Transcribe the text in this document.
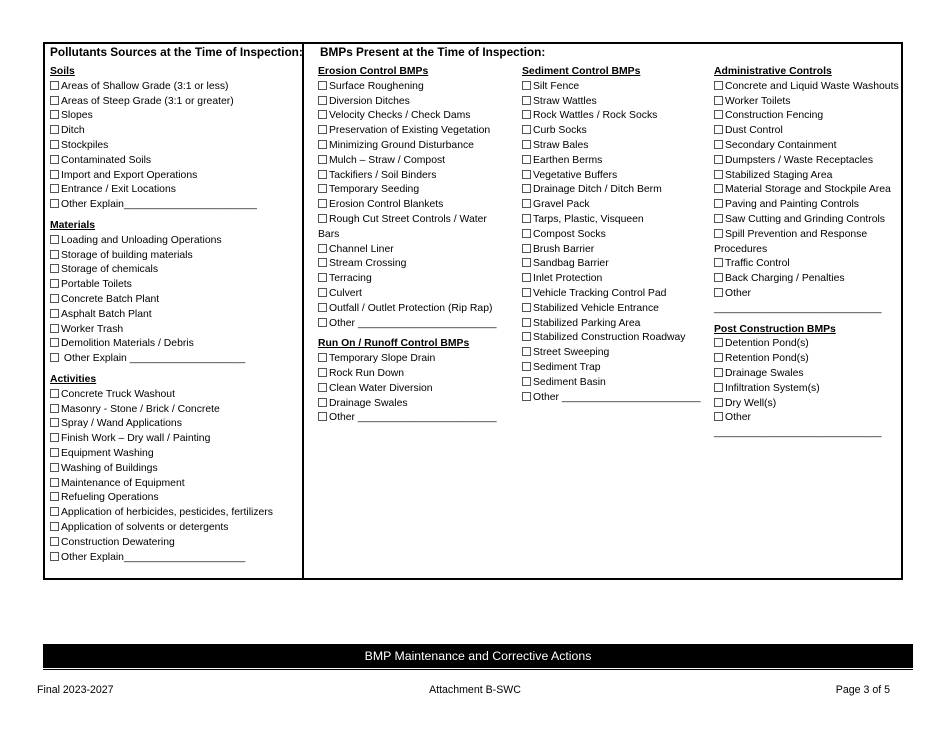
Pollutants Sources at the Time of Inspection: BMPs Present at the Time of Inspection:
Soils
Areas of Shallow Grade (3:1 or less)
Areas of Steep Grade (3:1 or greater)
Slopes
Ditch
Stockpiles
Contaminated Soils
Import and Export Operations
Entrance / Exit Locations
Other Explain_______________________
Materials
Loading and Unloading Operations
Storage of building materials
Storage of chemicals
Portable Toilets
Concrete Batch Plant
Asphalt Batch Plant
Worker Trash
Demolition Materials / Debris
Other Explain ____________________
Activities
Concrete Truck Washout
Masonry - Stone / Brick / Concrete
Spray / Wand Applications
Finish Work – Dry wall / Painting
Equipment Washing
Washing of Buildings
Maintenance of Equipment
Refueling Operations
Application of herbicides, pesticides, fertilizers
Application of solvents or detergents
Construction Dewatering
Other Explain_____________________
Erosion Control BMPs
Surface Roughening
Diversion Ditches
Velocity Checks / Check Dams
Preservation of Existing Vegetation
Minimizing Ground Disturbance
Mulch – Straw / Compost
Tackifiers / Soil Binders
Temporary Seeding
Erosion Control Blankets
Rough Cut Street Controls / Water Bars
Channel Liner
Stream Crossing
Terracing
Culvert
Outfall / Outlet Protection (Rip Rap)
Other ________________________
Run On / Runoff Control BMPs
Temporary Slope Drain
Rock Run Down
Clean Water Diversion
Drainage Swales
Other ________________________
Sediment Control BMPs
Silt Fence
Straw Wattles
Rock Wattles / Rock Socks
Curb Socks
Straw Bales
Earthen Berms
Vegetative Buffers
Drainage Ditch / Ditch Berm
Gravel Pack
Tarps, Plastic, Visqueen
Compost Socks
Brush Barrier
Sandbag Barrier
Inlet Protection
Vehicle Tracking Control Pad
Stabilized Vehicle Entrance
Stabilized Parking Area
Stabilized Construction Roadway
Street Sweeping
Sediment Trap
Sediment Basin
Other ________________________
Administrative Controls
Concrete and Liquid Waste Washouts
Worker Toilets
Construction Fencing
Dust Control
Secondary Containment
Dumpsters / Waste Receptacles
Stabilized Staging Area
Material Storage and Stockpile Area
Paving and Painting Controls
Saw Cutting and Grinding Controls
Spill Prevention and Response Procedures
Traffic Control
Back Charging / Penalties
Other
_____________________________
Post Construction BMPs
Detention Pond(s)
Retention Pond(s)
Drainage Swales
Infiltration System(s)
Dry Well(s)
Other
_____________________________
BMP Maintenance and Corrective Actions
Final 2023-2027	Attachment B-SWC	Page 3 of 5
